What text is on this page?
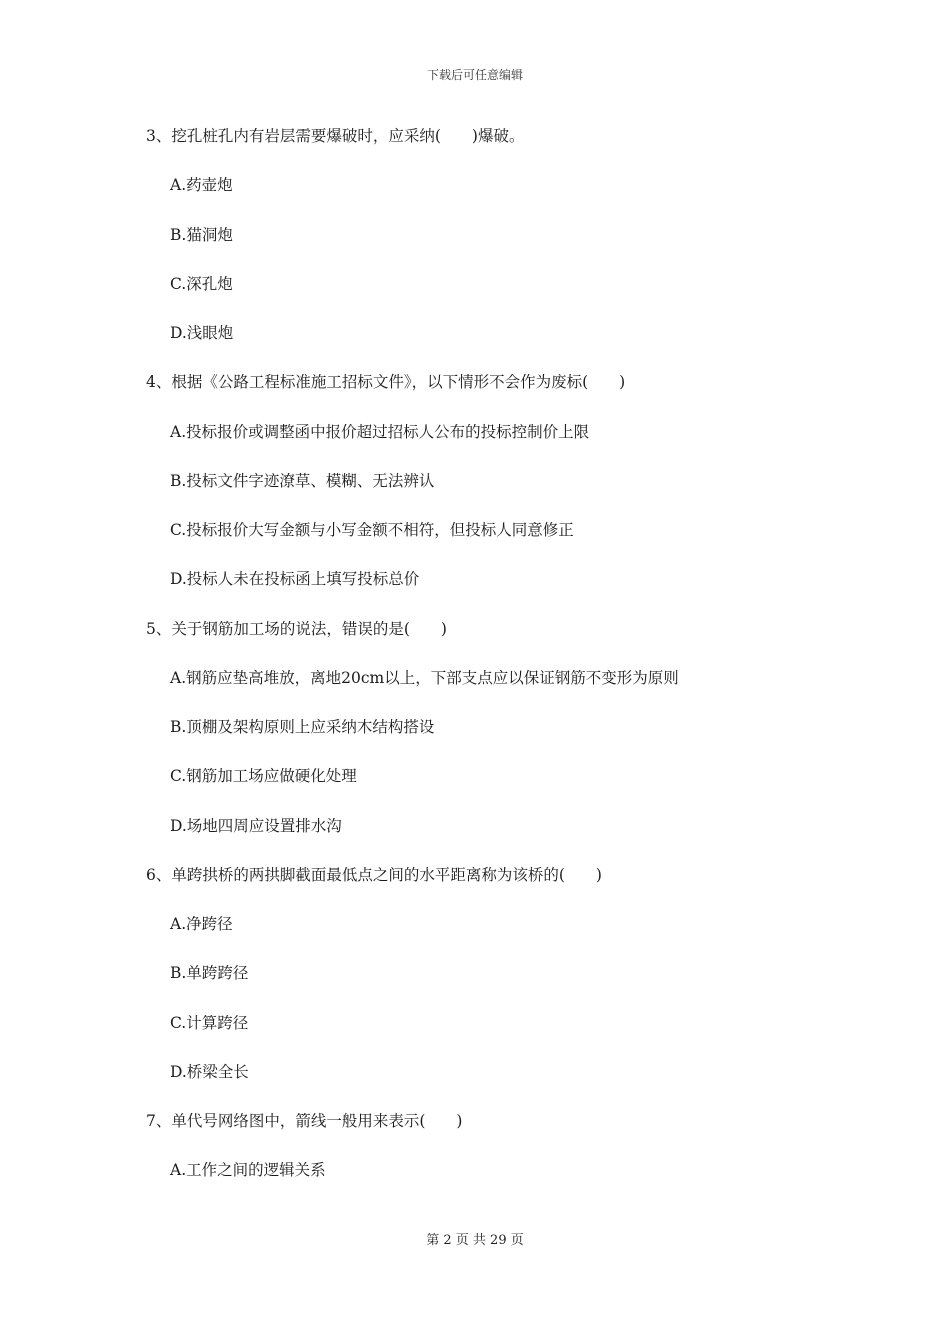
下载后可任意编辑
3、挖孔桩孔内有岩层需要爆破时，应采纳(　　)爆破。
A.药壶炮
B.猫洞炮
C.深孔炮
D.浅眼炮
4、根据《公路工程标准施工招标文件》，以下情形不会作为废标(　　)
A.投标报价或调整函中报价超过招标人公布的投标控制价上限
B.投标文件字迹潦草、模糊、无法辨认
C.投标报价大写金额与小写金额不相符，但投标人同意修正
D.投标人未在投标函上填写投标总价
5、关于钢筋加工场的说法，错误的是(　　)
A.钢筋应垫高堆放，离地20cm以上，下部支点应以保证钢筋不变形为原则
B.顶棚及架构原则上应采纳木结构搭设
C.钢筋加工场应做硬化处理
D.场地四周应设置排水沟
6、单跨拱桥的两拱脚截面最低点之间的水平距离称为该桥的(　　)
A.净跨径
B.单跨跨径
C.计算跨径
D.桥梁全长
7、单代号网络图中，箭线一般用来表示(　　)
A.工作之间的逻辑关系
第 2 页 共 29 页
